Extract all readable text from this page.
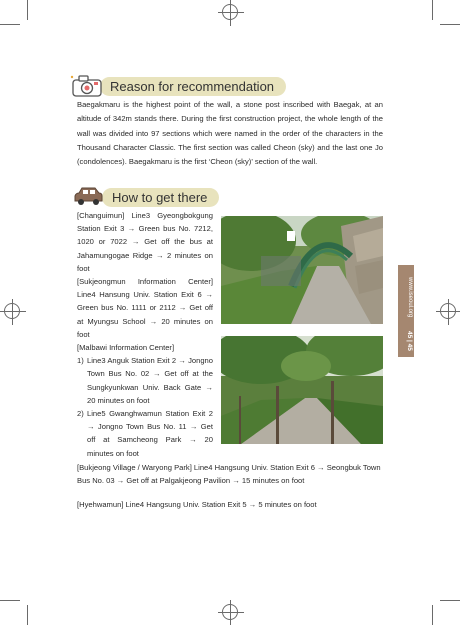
Reason for recommendation

Baegakmaru is the highest point of the wall, a stone post inscribed with Baegak, at an altitude of 342m stands there. During the first construction project, the whole length of the wall was divided into 97 sections which were named in the order of the characters in the Thousand Character Classic. The first section was called Cheon (sky) and the last one Jo (condolences). Baegakmaru is the first ‘Cheon (sky)’ section of the wall.

How to get there

[Changuimun] Line3 Gyeongbokgung Station Exit 3 → Green bus No. 7212, 1020 or 7022 → Get off the bus at Jahamungogae Ridge → 2 minutes on foot

[Sukjeongmun Information Center] Line4 Hansung Univ. Station Exit 6 → Green bus No. 1111 or 2112 → Get off at Myungsu School → 20 minutes on foot

[Malbawi Information Center]

1) Line3 Anguk Station Exit 2 → Jongno Town Bus No. 02 → Get off at the Sungkyunkwan Univ. Back Gate → 20 minutes on foot
2) Line5 Gwanghwamun Station Exit 2 → Jongno Town Bus No. 11 → Get off at Samcheong Park → 20 minutes on foot
[Bukjeong Village / Waryong Park] Line4 Hangsung Univ. Station Exit 6 → Seongbuk Town Bus No. 03 → Get off at Palgakjeong Pavilion → 15 minutes on foot
[Hyehwamun] Line4 Hangsung Univ. Station Exit 5 → 5 minutes on foot
www.iseoul.org
45 | 45
